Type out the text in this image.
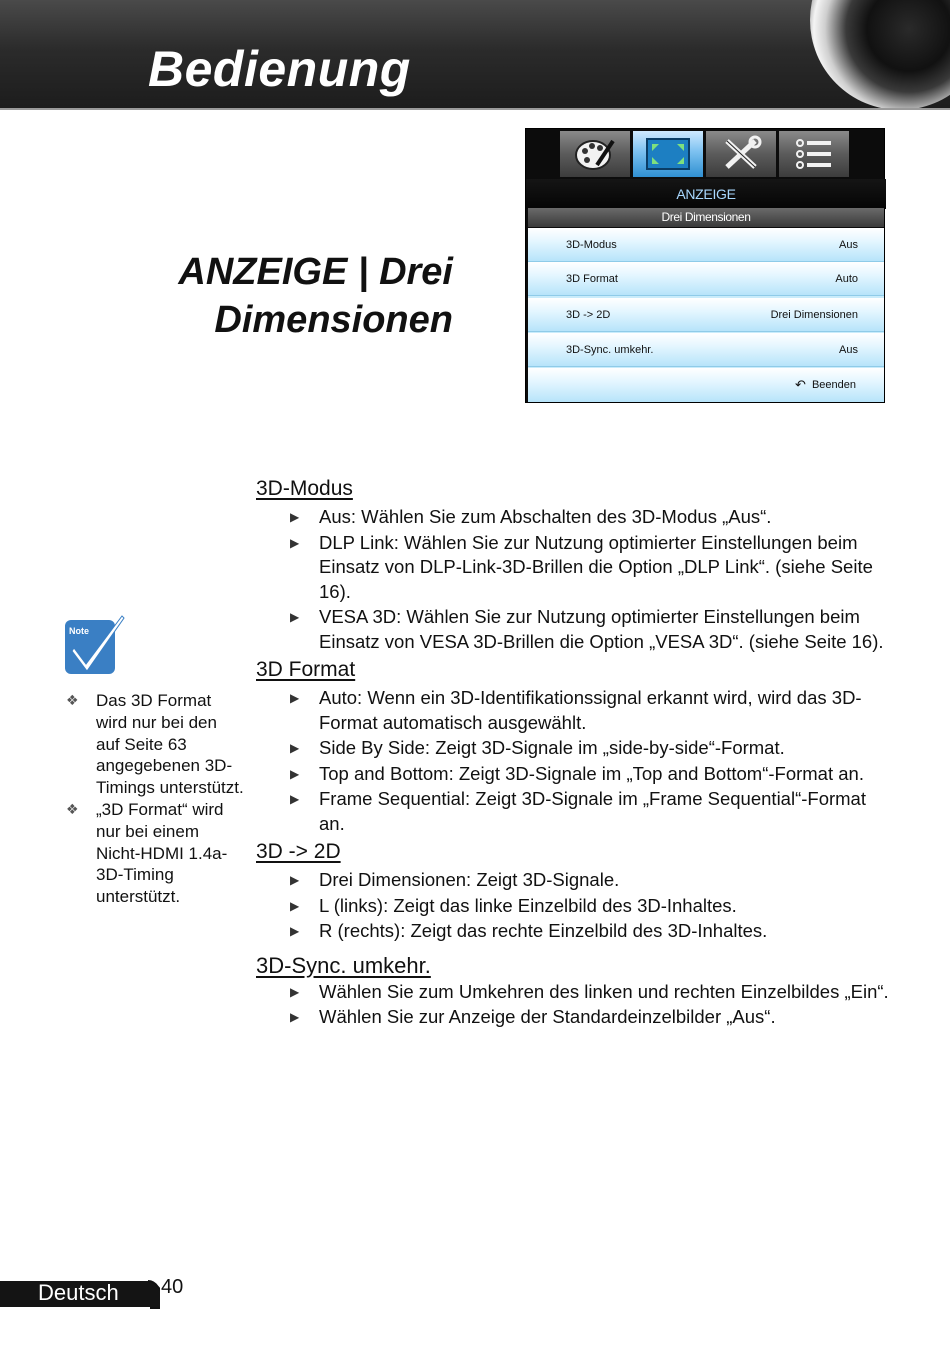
Bedienung
ANZEIGE | Drei
Dimensionen
ANZEIGE
Drei Dimensionen
3D-Modus	Aus
3D Format	Auto
3D -> 2D	Drei Dimensionen
3D-Sync. umkehr.	Aus
↶ Beenden
Note
❖ Das 3D Format wird nur bei den auf Seite 63 angegebenen 3D-Timings unterstützt.
❖ „3D Format“ wird nur bei einem Nicht-HDMI 1.4a-3D-Timing unterstützt.
3D-Modus
▶ Aus: Wählen Sie zum Abschalten des 3D-Modus „Aus“.
▶ DLP Link: Wählen Sie zur Nutzung optimierter Einstellungen beim Einsatz von DLP-Link-3D-Brillen die Option „DLP Link“. (siehe Seite 16).
▶ VESA 3D: Wählen Sie zur Nutzung optimierter Einstellungen beim Einsatz von VESA 3D-Brillen die Option „VESA 3D“. (siehe Seite 16).
3D Format
▶ Auto: Wenn ein 3D-Identifikationssignal erkannt wird, wird das 3D-Format automatisch ausgewählt.
▶ Side By Side: Zeigt 3D-Signale im „side-by-side“-Format.
▶ Top and Bottom: Zeigt 3D-Signale im „Top and Bottom“-Format an.
▶ Frame Sequential: Zeigt 3D-Signale im „Frame Sequential“-Format an.
3D -> 2D
▶ Drei Dimensionen: Zeigt 3D-Signale.
▶ L (links): Zeigt das linke Einzelbild des 3D-Inhaltes.
▶ R (rechts): Zeigt das rechte Einzelbild des 3D-Inhaltes.
3D-Sync. umkehr.
▶ Wählen Sie zum Umkehren des linken und rechten Einzelbildes „Ein“.
▶ Wählen Sie zur Anzeige der Standardeinzelbilder „Aus“.
Deutsch 40
